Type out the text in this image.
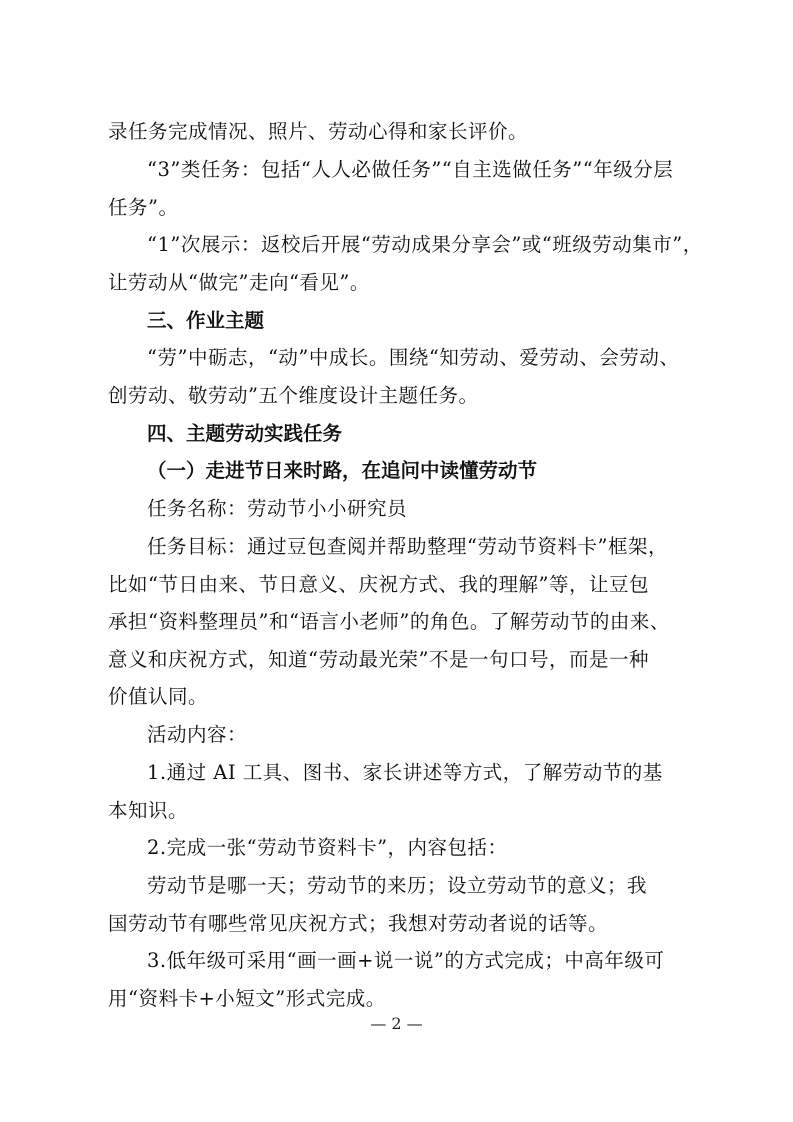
录任务完成情况、照片、劳动心得和家长评价。

“3”类任务：包括“人人必做任务”“自主选做任务”“年级分层
任务”。

“1”次展示：返校后开展“劳动成果分享会”或“班级劳动集市”，
让劳动从“做完”走向“看见”。

三、作业主题

“劳”中砺志，“动”中成长。围绕“知劳动、爱劳动、会劳动、
创劳动、敬劳动”五个维度设计主题任务。

四、主题劳动实践任务

（一）走进节日来时路，在追问中读懂劳动节

任务名称：劳动节小小研究员

任务目标：通过豆包查阅并帮助整理“劳动节资料卡”框架，
比如“节日由来、节日意义、庆祝方式、我的理解”等，让豆包
承担“资料整理员”和“语言小老师”的角色。了解劳动节的由来、
意义和庆祝方式，知道“劳动最光荣”不是一句口号，而是一种
价值认同。

活动内容：

1.通过 AI 工具、图书、家长讲述等方式，了解劳动节的基
本知识。

2.完成一张“劳动节资料卡”，内容包括：

劳动节是哪一天；劳动节的来历；设立劳动节的意义；我
国劳动节有哪些常见庆祝方式；我想对劳动者说的话等。

3.低年级可采用“画一画+说一说”的方式完成；中高年级可
用“资料卡+小短文”形式完成。

— 2 —
